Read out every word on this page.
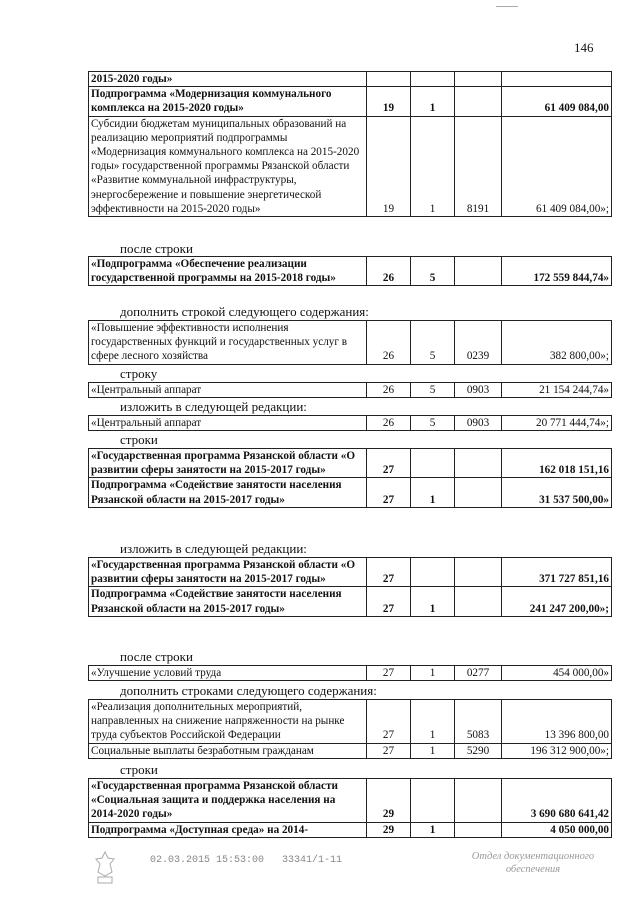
146
2015-2020 годы»				
Подпрограмма «Модернизация коммунального комплекса на 2015-2020 годы»	19	1		61 409 084,00
Субсидии бюджетам муниципальных образований на реализацию мероприятий подпрограммы «Модернизация коммунального комплекса на 2015-2020 годы» государственной программы Рязанской области «Развитие коммунальной инфраструктуры, энергосбережение и повышение энергетической эффективности на 2015-2020 годы»	19	1	8191	61 409 084,00»;
после строки
«Подпрограмма «Обеспечение реализации государственной программы на 2015-2018 годы»	26	5		172 559 844,74»
дополнить строкой следующего содержания:
«Повышение эффективности исполнения государственных функций и государственных услуг в сфере лесного хозяйства	26	5	0239	382 800,00»;
строку
«Центральный аппарат	26	5	0903	21 154 244,74»
изложить в следующей редакции:
«Центральный аппарат	26	5	0903	20 771 444,74»;
строки
«Государственная программа Рязанской области «О развитии сферы занятости на 2015-2017 годы»	27			162 018 151,16
Подпрограмма «Содействие занятости населения Рязанской области на 2015-2017 годы»	27	1		31 537 500,00»
изложить в следующей редакции:
«Государственная программа Рязанской области «О развитии сферы занятости на 2015-2017 годы»	27			371 727 851,16
Подпрограмма «Содействие занятости населения Рязанской области на 2015-2017 годы»	27	1		241 247 200,00»;
после строки
«Улучшение условий труда	27	1	0277	454 000,00»
дополнить строками следующего содержания:
«Реализация дополнительных мероприятий, направленных на снижение напряженности на рынке труда субъектов Российской Федерации	27	1	5083	13 396 800,00
Социальные выплаты безработным гражданам	27	1	5290	196 312 900,00»;
строки
«Государственная программа Рязанской области «Социальная защита и поддержка населения на 2014-2020 годы»	29			3 690 680 641,42
Подпрограмма «Доступная среда» на 2014-	29	1		4 050 000,00
02.03.2015 15:53:00 33341/1-11	Отдел документационного обеспечения
